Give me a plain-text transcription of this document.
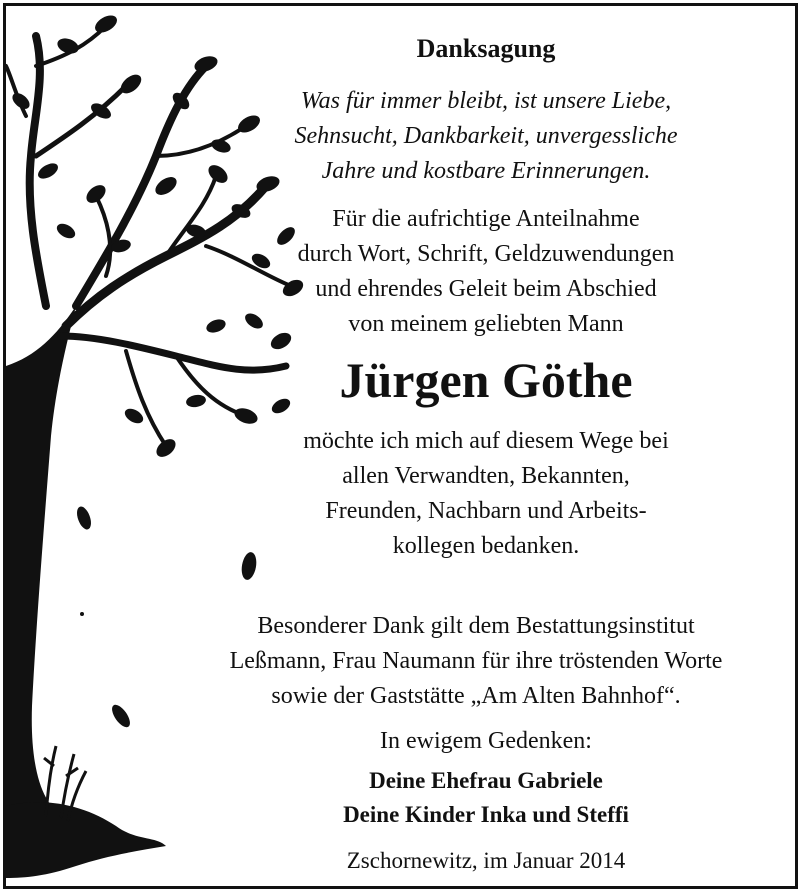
Danksagung
Was für immer bleibt, ist unsere Liebe,
Sehnsucht, Dankbarkeit, unvergessliche
Jahre und kostbare Erinnerungen.
Für die aufrichtige Anteilnahme
durch Wort, Schrift, Geldzuwendungen
und ehrendes Geleit beim Abschied
von meinem geliebten Mann
Jürgen Göthe
möchte ich mich auf diesem Wege bei
allen Verwandten, Bekannten,
Freunden, Nachbarn und Arbeits-
kollegen bedanken.
Besonderer Dank gilt dem Bestattungsinstitut
Leßmann, Frau Naumann für ihre tröstenden Worte
sowie der Gaststätte „Am Alten Bahnhof“.
In ewigem Gedenken:
Deine Ehefrau Gabriele
Deine Kinder Inka und Steffi
Zschornewitz, im Januar 2014
